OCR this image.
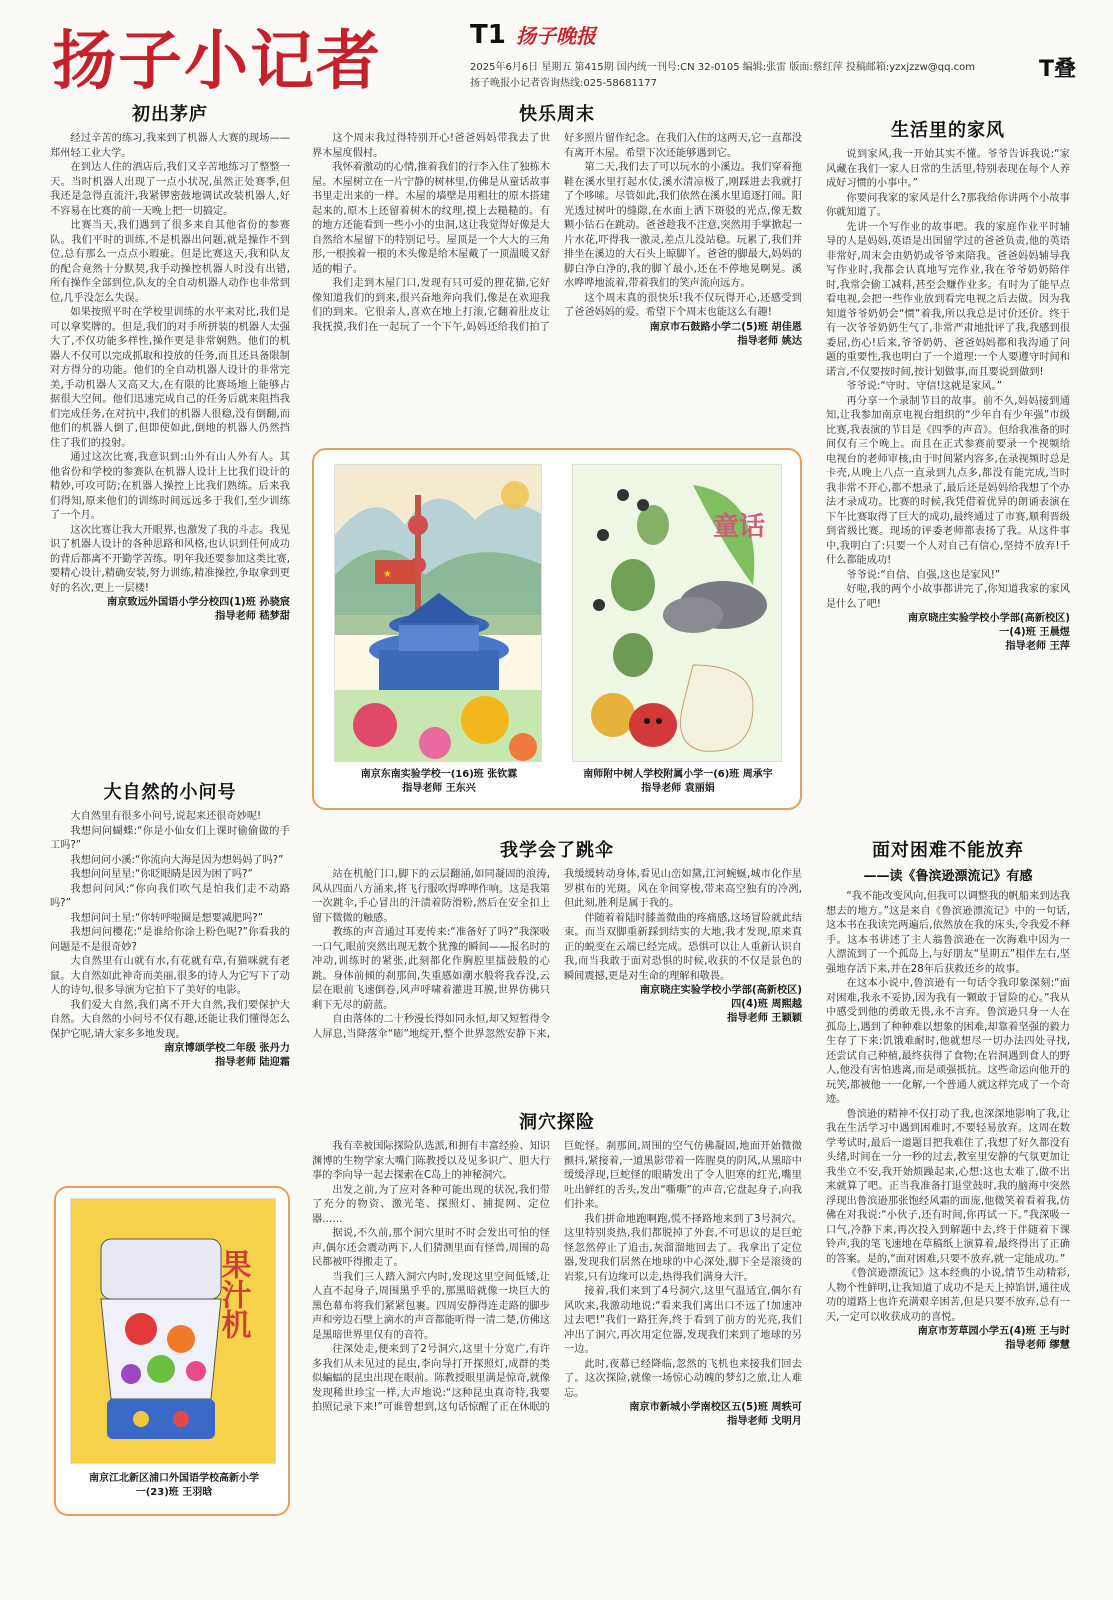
扬子小记者	T1 扬子晚报
2025年6月6日 星期五 第415期 国内统一刊号:CN 32-0105 编辑:张雷 版面:蔡红萍 投稿邮箱:yzxjzzw@qq.com
扬子晚报小记者咨询热线:025-58681177
T叠
初出茅庐

经过辛苦的练习,我来到了机器人大赛的现场——郑州轻工业大学。

在到达人住的酒店后,我们又辛苦地练习了整整一天。当时机器人出现了一点小状况,虽然正处赛季,但我还是急得直流汗,我紧锣密鼓地调试改装机器人,好不容易在比赛的前一天晚上把一切搞定。

比赛当天,我们遇到了很多来自其他省份的参赛队。我们平时的训练,不是机器出问题,就是操作不到位,总有那么一点点小瑕疵。但是比赛这天,我和队友的配合竟然十分默契,我手动操控机器人时没有出错,所有操作全部到位,队友的全自动机器人动作也非常到位,几乎没怎么失误。

如果按照平时在学校里训练的水平来对比,我们是可以拿奖牌的。但是,我们的对手所拼装的机器人太强大了,不仅功能多样性,操作更是非常娴熟。他们的机器人不仅可以完成抓取和投放的任务,而且还具备限制对方得分的功能。他们的全自动机器人设计的非常完美,手动机器人又高又大,在有限的比赛场地上能够占据很大空间。他们迅速完成自己的任务后就来阻挡我们完成任务,在对抗中,我们的机器人很稳,没有倒翻,而他们的机器人倒了,但即使如此,倒地的机器人仍然挡住了我们的投射。

通过这次比赛,我意识到:山外有山人外有人。其他省份和学校的参赛队在机器人设计上比我们设计的精妙,可攻可防;在机器人操控上比我们熟练。后来我们得知,原来他们的训练时间远远多于我们,至少训练了一个月。

这次比赛让我大开眼界,也激发了我的斗志。我见识了机器人设计的各种思路和风格,也认识到任何成功的背后都离不开勤学苦练。明年我还要参加这类比赛,要精心设计,精确安装,努力训练,精准操控,争取拿到更好的名次,更上一层楼!

南京致远外国语小学分校四(1)班 孙骁宸
指导老师 嵇梦甜
大自然的小问号

大自然里有很多小问号,说起来还很奇妙呢!

我想问问蝴蝶:“你是小仙女们上课时偷偷做的手工吗?”

我想问问小溪:“你流向大海是因为想妈妈了吗?”

我想问问星星:“你眨眼睛是因为困了吗?”

我想问问风:“你向我们吹气是怕我们走不动路吗?”

我想问问土星:“你转呼啦圈是想要减肥吗?”

我想问问樱花:“是谁给你涂上粉色呢?”你看我的问题是不是很奇妙?

大自然里有山就有水,有花就有草,有猫咪就有老鼠。大自然如此神奇而美丽,很多的诗人为它写下了动人的诗句,很多导演为它拍下了美好的电影。

我们爱大自然,我们离不开大自然,我们要保护大自然。大自然的小问号不仅有趣,还能让我们懂得怎么保护它呢,请大家多多地发现。

南京博颂学校二年级 张丹力
指导老师 陆迎霜
快乐周末

这个周末我过得特别开心!爸爸妈妈带我去了世界木屋度假村。

我怀着激动的心情,推着我们的行李入住了独栋木屋。木屋树立在一片宁静的树林里,仿佛是从童话故事书里走出来的一样。木屋的墙壁是用粗壮的原木搭建起来的,原木上还留着树木的纹理,摸上去糙糙的。有的地方还能看到一些小小的虫洞,这让我觉得好像是大自然给木屋留下的特别记号。屋顶是一个大大的三角形,一根挨着一根的木头像是给木屋戴了一顶温暖又舒适的帽子。

我们走到木屋门口,发现有只可爱的狸花猫,它好像知道我们的到来,很兴奋地奔向我们,像是在欢迎我们的到来。它很亲人,喜欢在地上打滚,它翻着肚皮让我抚摸,我们在一起玩了一个下午,妈妈还给我们拍了好多照片留作纪念。在我们入住的这两天,它一直都没有离开木屋。希望下次还能够遇到它。

第二天,我们去了可以玩水的小溪边。我们穿着拖鞋在溪水里打起水仗,溪水清凉极了,刚踩进去我就打了个哆嗦。尽管如此,我们依然在溪水里追逐打闹。阳光透过树叶的缝隙,在水面上洒下斑驳的光点,像无数颗小钻石在跳动。爸爸趁我不注意,突然用手掌掀起一片水花,吓得我一激灵,差点儿没站稳。玩累了,我们并排坐在溪边的大石头上晾脚丫。爸爸的脚最大,妈妈的脚白净白净的,我的脚丫最小,还在不停地晃啊晃。溪水哗哗地流着,带着我们的笑声流向远方。

这个周末真的很快乐!我不仅玩得开心,还感受到了爸爸妈妈的爱。希望下个周末也能这么有趣!

南京市石鼓路小学二(5)班 胡佳恩
指导老师 姚达
★
童话
南京东南实验学校一(16)班 张钦霖
指导老师 王东兴
南师附中树人学校附属小学一(6)班 周承宇
指导老师 袁丽娟
果汁机
南京江北新区浦口外国语学校高新小学
一(23)班 王羽晗
我学会了跳伞

站在机舱门口,脚下的云层翻涌,如同凝固的浪涛,风从四面八方涌来,将飞行服吹得哗哗作响。这是我第一次跳伞,手心冒出的汗渍着防滑粉,然后在安全扣上留下微微的触感。

教练的声音通过耳麦传来:“准备好了吗?”我深吸一口气,眼前突然出现无数个犹豫的瞬间——报名时的冲动,训练时的紧张,此刻都化作胸腔里擂鼓般的心跳。身体前倾的刹那间,失重感如潮水般将我吞没,云层在眼前飞速倒卷,风声呼啸着灌进耳膜,世界仿佛只剩下无尽的蔚蓝。

自由落体的二十秒漫长得如同永恒,却又短暂得令人屏息,当降落伞“嘭”地绽开,整个世界忽然安静下来,我缓缓转动身体,看见山峦如黛,江河蜿蜒,城市化作星罗棋布的光斑。风在伞间穿梭,带来高空独有的冷冽,但此刻,胜利是属于我的。

伴随着着陆时膝盖微曲的疼痛感,这场冒险就此结束。而当双脚重新踩到结实的大地,我才发现,原来真正的蜕变在云端已经完成。恐惧可以让人重新认识自我,而当我敢于面对恐惧的时候,收获的不仅是景色的瞬间震撼,更是对生命的理解和敬畏。

南京晓庄实验学校小学部(高新校区)
四(4)班 周熙越
指导老师 王颖颖
洞穴探险

我有幸被国际探险队选派,和拥有丰富经验、知识渊博的生物学家大嘴门陈教授以及见多识广、胆大行事的李向导一起去探索在C岛上的神秘洞穴。

出发之前,为了应对各种可能出现的状况,我们带了充分的物资、激光笔、探照灯、捕捉网、定位器……

据说,不久前,那个洞穴里时不时会发出可怕的怪声,偶尔还会震动两下,人们猜测里面有怪兽,周围的岛民都被吓得搬走了。

当我们三人踏入洞穴内时,发现这里空间低矮,让人直不起身子,周围黑乎乎的,那黑暗就像一块巨大的黑色幕布将我们紧紧包裹。四周安静得连走路的脚步声和旁边石壁上滴水的声音都能听得一清二楚,仿佛这是黑暗世界里仅有的音符。

往深处走,便来到了2号洞穴,这里十分宽广,有许多我们从未见过的昆虫,李向导打开探照灯,成群的类似蝙蝠的昆虫出现在眼前。陈教授眼里满是惊奇,就像发现稀世珍宝一样,大声地说:“这种昆虫真奇特,我要拍照记录下来!”可谁曾想到,这句话惊醒了正在休眠的巨蛇怪。刹那间,周围的空气仿佛凝固,地面开始微微颤抖,紧接着,一道黑影带着一阵腥臭的阴风,从黑暗中缓缓浮现,巨蛇怪的眼睛发出了令人胆寒的红光,嘴里吐出鲜红的舌头,发出“嘶嘶”的声音,它盘起身子,向我们扑来。

我们拼命地跑啊跑,慌不择路地来到了3号洞穴。这里特别炎热,我们都脱掉了外套,不可思议的是巨蛇怪忽然停止了追击,灰溜溜地回去了。我拿出了定位器,发现我们居然在地球的中心深处,脚下全是滚烫的岩浆,只有边缘可以走,热得我们满身大汗。

接着,我们来到了4号洞穴,这里气温适宜,偶尔有风吹来,我激动地说:“看来我们离出口不远了!加速冲过去吧!”我们一路狂奔,终于看到了前方的光亮,我们冲出了洞穴,再次用定位器,发现我们来到了地球的另一边。

此时,夜幕已经降临,忽然的飞机也来接我们回去了。这次探险,就像一场惊心动魄的梦幻之旅,让人难忘。

南京市新城小学南校区五(5)班 周轶可
指导老师 戈明月
生活里的家风

说到家风,我一开始其实不懂。爷爷告诉我说:“家风藏在我们一家人日常的生活里,特别表现在每个人养成好习惯的小事中。”

你要问我家的家风是什么?那我给你讲两个小故事你就知道了。

先讲一个写作业的故事吧。我的家庭作业平时辅导的人是妈妈,英语是出国留学过的爸爸负责,他的英语非常好,周末会由奶奶或爷爷来陪我。爸爸妈妈辅导我写作业时,我都会认真地写完作业,我在爷爷奶奶陪伴时,我常会偷工减料,甚至会赚作业多。有时为了能早点看电视,会把一些作业放到看完电视之后去做。因为我知道爷爷奶奶会“惯”着我,所以我总是讨价还价。终于有一次爷爷奶奶生气了,非常严肃地批评了我,我感到很委屈,伤心!后来,爷爷奶奶、爸爸妈妈都和我沟通了问题的重要性,我也明白了一个道理:一个人要遵守时间和诺言,不仅要按时间,按计划做事,而且要说到做到!

爷爷说:“守时、守信!这就是家风。”

再分享一个录制节目的故事。前不久,妈妈接到通知,让我参加南京电视台组织的“少年自有少年强”市级比赛,我表演的节目是《四季的声音》。但给我准备的时间仅有三个晚上。而且在正式参赛前要录一个视频给电视台的老师审核,由于时间紧内容多,在录视频时总是卡壳,从晚上八点一直录到九点多,都没有能完成,当时我非常不开心,都不想录了,最后还是妈妈给我想了个办法才录成功。比赛的时候,我凭借着优异的朗诵表演在下午比赛取得了巨大的成功,最终通过了市赛,顺利晋级到省级比赛。现场的评委老师都表扬了我。从这件事中,我明白了:只要一个人对自己有信心,坚持不放弃!千什么都能成功!

爷爷说:“自信、自强,这也是家风!”

好啦,我的两个小故事都讲完了,你知道我家的家风是什么了吧!

南京晓庄实验学校小学部(高新校区)
一(4)班 王晨煜
指导老师 王萍
面对困难不能放弃
——读《鲁滨逊漂流记》有感

“我不能改变风向,但我可以调整我的帆船来到达我想去的地方。”这是来自《鲁滨逊漂流记》中的一句话,这本书在我读完两遍后,依然放在我的床头,令我爱不释手。这本书讲述了主人翁鲁滨逊在一次海难中因为一人漂流到了一个孤岛上,与好朋友“星期五”相伴左右,坚强地存活下来,并在28年后获救还乡的故事。

在这本小说中,鲁滨逊有一句话令我印象深刻:“面对困难,我永不妥协,因为我有一颗敢于冒险的心。”我从中感受到他的勇敢无畏,永不言弃。鲁滨逊只身一人在孤岛上,遇到了种种难以想象的困难,却靠着坚强的毅力生存了下来:饥饿难耐时,他就想尽一切办法四处寻找,还尝试自己种植,最终获得了食物;在岩洞遇到食人的野人,他没有害怕逃离,而是顽强抵抗。这些命运向他开的玩笑,都被他一一化解,一个普通人就这样完成了一个奇迹。

鲁滨逊的精神不仅打动了我,也深深地影响了我,让我在生活学习中遇到困难时,不要轻易放弃。这周在数学考试时,最后一道题目把我难住了,我想了好久都没有头绪,时间在一分一秒的过去,教室里安静的气氛更加让我坐立不安,我开始烦躁起来,心想:这也太难了,做不出来就算了吧。正当我准备打退堂鼓时,我的脑海中突然浮现出鲁滨逊那张饱经风霜的面庞,他微笑着看着我,仿佛在对我说:“小伙子,还有时间,你再试一下。”我深吸一口气,冷静下来,再次投入到解题中去,终于伴随着下课铃声,我的笔飞速地在草稿纸上演算着,最终得出了正确的答案。是的,“面对困难,只要不放弃,就一定能成功。”

《鲁滨逊漂流记》这本经典的小说,情节生动精彩,人物个性鲜明,让我知道了成功不是天上掉馅饼,通往成功的道路上也许充满艰辛困苦,但是只要不放弃,总有一天,一定可以收获成功的喜悦。

南京市芳草园小学五(4)班 王与时
指导老师 缪慧
